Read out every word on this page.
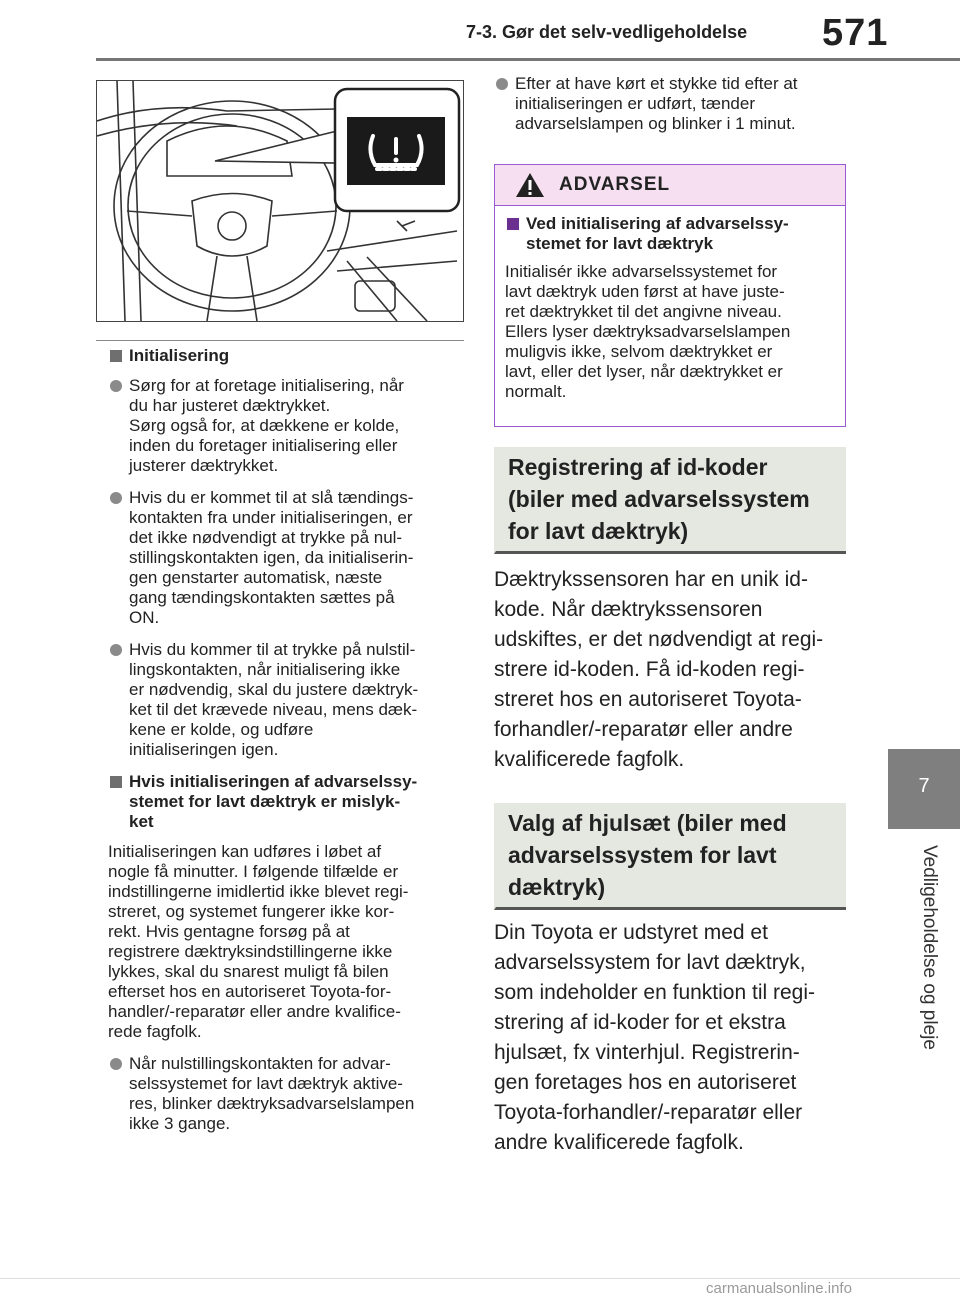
7-3. Gør det selv-vedligeholdelse 571
7
Vedligeholdelse og pleje
Initialisering
Sørg for at foretage initialisering, når
du har justeret dæktrykket.
Sørg også for, at dækkene er kolde,
inden du foretager initialisering eller
justerer dæktrykket.
Hvis du er kommet til at slå tændings-
kontakten fra under initialiseringen, er
det ikke nødvendigt at trykke på nul-
stillingskontakten igen, da initialiserin-
gen genstarter automatisk, næste
gang tændingskontakten sættes på
ON.
Hvis du kommer til at trykke på nulstil-
lingskontakten, når initialisering ikke
er nødvendig, skal du justere dæktryk-
ket til det krævede niveau, mens dæk-
kene er kolde, og udføre
initialiseringen igen.
Hvis initialiseringen af advarselssy-
stemet for lavt dæktryk er mislyk-
ket
Initialiseringen kan udføres i løbet af
nogle få minutter. I følgende tilfælde er
indstillingerne imidlertid ikke blevet regi-
streret, og systemet fungerer ikke kor-
rekt. Hvis gentagne forsøg på at
registrere dæktryksindstillingerne ikke
lykkes, skal du snarest muligt få bilen
efterset hos en autoriseret Toyota-for-
handler/-reparatør eller andre kvalifice-
rede fagfolk.
Når nulstillingskontakten for advar-
selssystemet for lavt dæktryk aktive-
res, blinker dæktryksadvarselslampen
ikke 3 gange.
Efter at have kørt et stykke tid efter at
initialiseringen er udført, tænder
advarselslampen og blinker i 1 minut.
ADVARSEL
Ved initialisering af advarselssy-
stemet for lavt dæktryk
Initialisér ikke advarselssystemet for
lavt dæktryk uden først at have juste-
ret dæktrykket til det angivne niveau.
Ellers lyser dæktryksadvarselslampen
muligvis ikke, selvom dæktrykket er
lavt, eller det lyser, når dæktrykket er
normalt.
Registrering af id-koder
(biler med advarselssystem
for lavt dæktryk)
Dæktrykssensoren har en unik id-
kode. Når dæktrykssensoren
udskiftes, er det nødvendigt at regi-
strere id-koden. Få id-koden regi-
streret hos en autoriseret Toyota-
forhandler/-reparatør eller andre
kvalificerede fagfolk.
Valg af hjulsæt (biler med
advarselssystem for lavt
dæktryk)
Din Toyota er udstyret med et
advarselssystem for lavt dæktryk,
som indeholder en funktion til regi-
strering af id-koder for et ekstra
hjulsæt, fx vinterhjul. Registrerin-
gen foretages hos en autoriseret
Toyota-forhandler/-reparatør eller
andre kvalificerede fagfolk.
carmanualsonline.info
